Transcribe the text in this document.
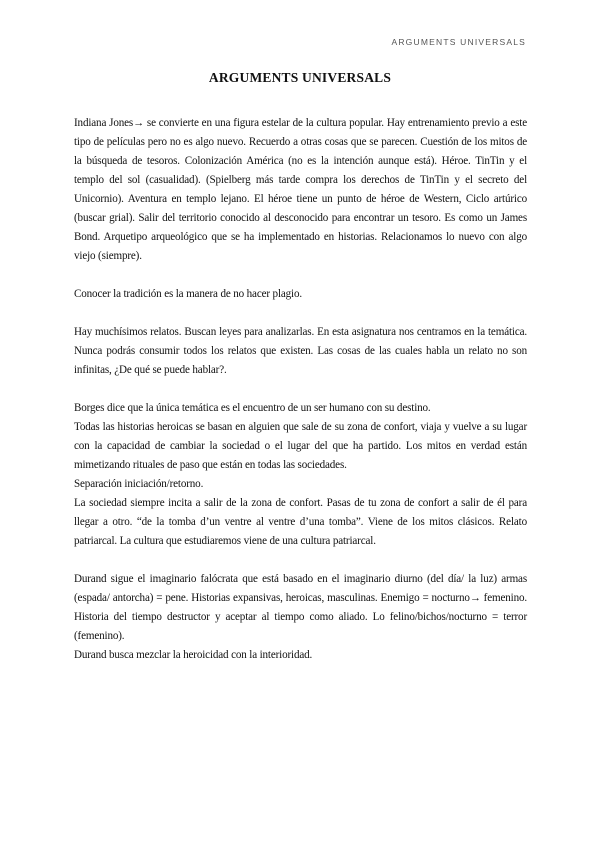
ARGUMENTS UNIVERSALS
ARGUMENTS UNIVERSALS

Indiana Jones→ se convierte en una figura estelar de la cultura popular. Hay entrenamiento previo a este tipo de películas pero no es algo nuevo. Recuerdo a otras cosas que se parecen. Cuestión de los mitos de la búsqueda de tesoros. Colonización América (no es la intención aunque está). Héroe. TinTin y el templo del sol (casualidad). (Spielberg más tarde compra los derechos de TinTin y el secreto del Unicornio). Aventura en templo lejano. El héroe tiene un punto de héroe de Western, Ciclo artúrico (buscar grial). Salir del territorio conocido al desconocido para encontrar un tesoro. Es como un James Bond. Arquetipo arqueológico que se ha implementado en historias. Relacionamos lo nuevo con algo viejo (siempre).

Conocer la tradición es la manera de no hacer plagio.

Hay muchísimos relatos. Buscan leyes para analizarlas. En esta asignatura nos centramos en la temática. Nunca podrás consumir todos los relatos que existen. Las cosas de las cuales habla un relato no son infinitas, ¿De qué se puede hablar?.

Borges dice que la única temática es el encuentro de un ser humano con su destino.

Todas las historias heroicas se basan en alguien que sale de su zona de confort, viaja y vuelve a su lugar con la capacidad de cambiar la sociedad o el lugar del que ha partido. Los mitos en verdad están mimetizando rituales de paso que están en todas las sociedades.

Separación iniciación/retorno.

La sociedad siempre incita a salir de la zona de confort. Pasas de tu zona de confort a salir de él para llegar a otro. “de la tomba d’un ventre al ventre d’una tomba”. Viene de los mitos clásicos. Relato patriarcal. La cultura que estudiaremos viene de una cultura patriarcal.

Durand sigue el imaginario falócrata que está basado en el imaginario diurno (del día/ la luz) armas (espada/ antorcha) = pene. Historias expansivas, heroicas, masculinas. Enemigo = nocturno→ femenino. Historia del tiempo destructor y aceptar al tiempo como aliado. Lo felino/bichos/nocturno = terror (femenino).

Durand busca mezclar la heroicidad con la interioridad.
